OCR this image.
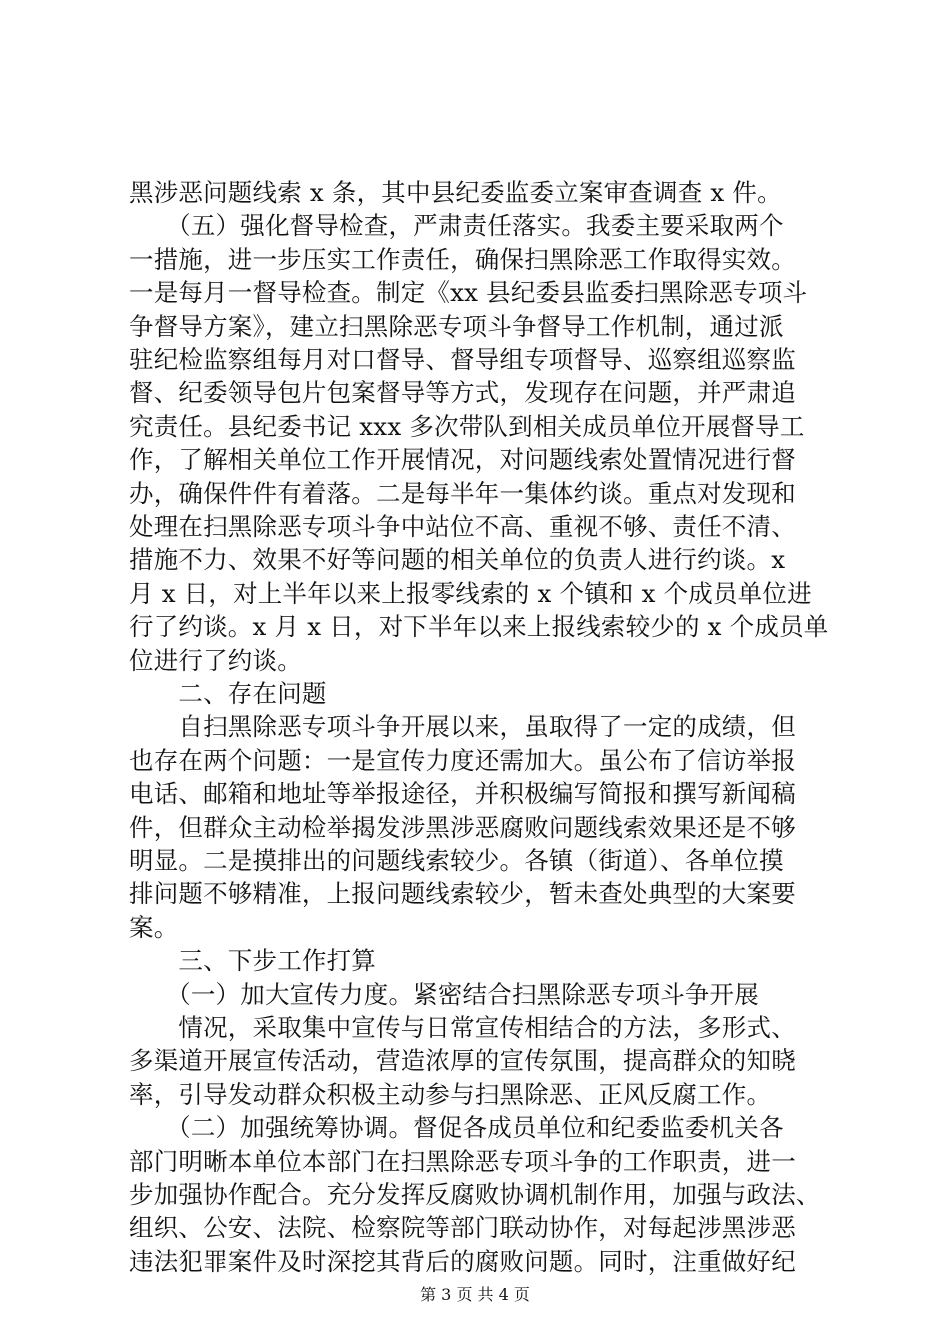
黑涉恶问题线索 x 条，其中县纪委监委立案审查调查 x 件。
　　（五）强化督导检查，严肃责任落实。我委主要采取两个
一措施，进一步压实工作责任，确保扫黑除恶工作取得实效。
一是每月一督导检查。制定《xx 县纪委县监委扫黑除恶专项斗
争督导方案》，建立扫黑除恶专项斗争督导工作机制，通过派
驻纪检监察组每月对口督导、督导组专项督导、巡察组巡察监
督、纪委领导包片包案督导等方式，发现存在问题，并严肃追
究责任。县纪委书记 xxx 多次带队到相关成员单位开展督导工
作，了解相关单位工作开展情况，对问题线索处置情况进行督
办，确保件件有着落。二是每半年一集体约谈。重点对发现和
处理在扫黑除恶专项斗争中站位不高、重视不够、责任不清、
措施不力、效果不好等问题的相关单位的负责人进行约谈。x
月 x 日，对上半年以来上报零线索的 x 个镇和 x 个成员单位进
行了约谈。x 月 x 日，对下半年以来上报线索较少的 x 个成员单
位进行了约谈。
　　二、存在问题
　　自扫黑除恶专项斗争开展以来，虽取得了一定的成绩，但
也存在两个问题：一是宣传力度还需加大。虽公布了信访举报
电话、邮箱和地址等举报途径，并积极编写简报和撰写新闻稿
件，但群众主动检举揭发涉黑涉恶腐败问题线索效果还是不够
明显。二是摸排出的问题线索较少。各镇（街道）、各单位摸
排问题不够精准，上报问题线索较少，暂未查处典型的大案要
案。
　　三、下步工作打算
　　（一）加大宣传力度。紧密结合扫黑除恶专项斗争开展
　　情况，采取集中宣传与日常宣传相结合的方法，多形式、
多渠道开展宣传活动，营造浓厚的宣传氛围，提高群众的知晓
率，引导发动群众积极主动参与扫黑除恶、正风反腐工作。
　　（二）加强统筹协调。督促各成员单位和纪委监委机关各
部门明晰本单位本部门在扫黑除恶专项斗争的工作职责，进一
步加强协作配合。充分发挥反腐败协调机制作用，加强与政法、
组织、公安、法院、检察院等部门联动协作，对每起涉黑涉恶
违法犯罪案件及时深挖其背后的腐败问题。同时，注重做好纪
第 3 页 共 4 页
